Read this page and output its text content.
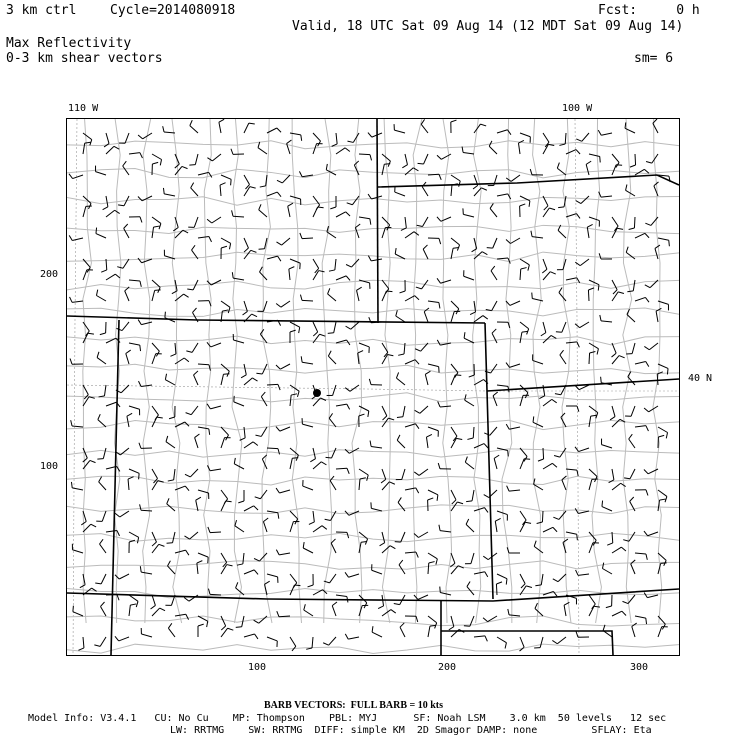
3 km ctrl	Cycle=2014080918	Fcst:     0 h
Valid, 18 UTC Sat 09 Aug 14 (12 MDT Sat 09 Aug 14)
Max Reflectivity
0-3 km shear vectors	sm= 6
110 W	100 W
40 N
200
100
100	200	300
BARB VECTORS:  FULL BARB = 10 kts
Model Info: V3.4.1   CU: No Cu    MP: Thompson    PBL: MYJ      SF: Noah LSM    3.0 km  50 levels   12 sec
LW: RRTMG    SW: RRTMG  DIFF: simple KM  2D Smagor DAMP: none         SFLAY: Eta
